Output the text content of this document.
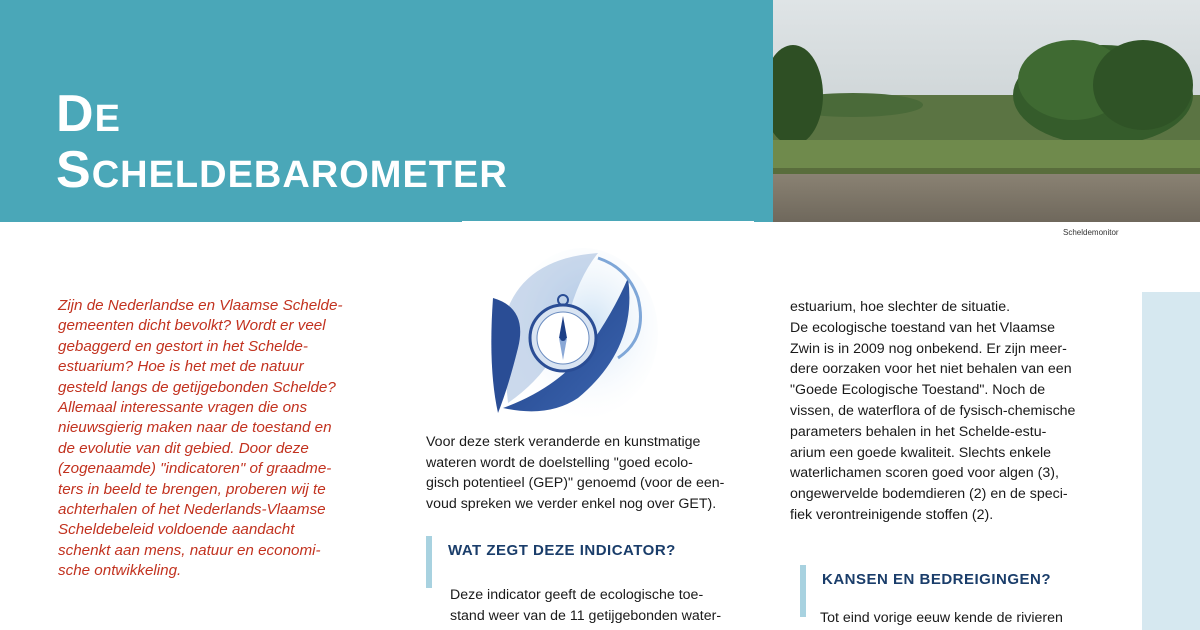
DE
SCHELDEBAROMETER
Scheldemonitor
Zijn de Nederlandse en Vlaamse Schelde-
gemeenten dicht bevolkt? Wordt er veel
gebaggerd en gestort in het Schelde-
estuarium? Hoe is het met de natuur
gesteld langs de getijgebonden Schelde?
Allemaal interessante vragen die ons
nieuwsgierig maken naar de toestand en
de evolutie van dit gebied. Door deze
(zogenaamde) "indicatoren" of graadme-
ters in beeld te brengen, proberen wij te
achterhalen of het Nederlands-Vlaamse
Scheldebeleid voldoende aandacht
schenkt aan mens, natuur en economi-
sche ontwikkeling.
Voor deze sterk veranderde en kunstmatige
wateren wordt de doelstelling "goed ecolo-
gisch potentieel (GEP)" genoemd (voor de een-
voud spreken we verder enkel nog over GET).
WAT ZEGT DEZE INDICATOR?
Deze indicator geeft de ecologische toe-
stand weer van de 11 getijgebonden water-
estuarium, hoe slechter de situatie.
De ecologische toestand van het Vlaamse
Zwin is in 2009 nog onbekend. Er zijn meer-
dere oorzaken voor het niet behalen van een
"Goede Ecologische Toestand". Noch de
vissen, de waterflora of de fysisch-chemische
parameters behalen in het Schelde-estu-
arium een goede kwaliteit. Slechts enkele
waterlichamen scoren goed voor algen (3),
ongewervelde bodemdieren (2) en de speci-
fiek verontreinigende stoffen (2).
KANSEN EN BEDREIGINGEN?
Tot eind vorige eeuw kende de rivieren
